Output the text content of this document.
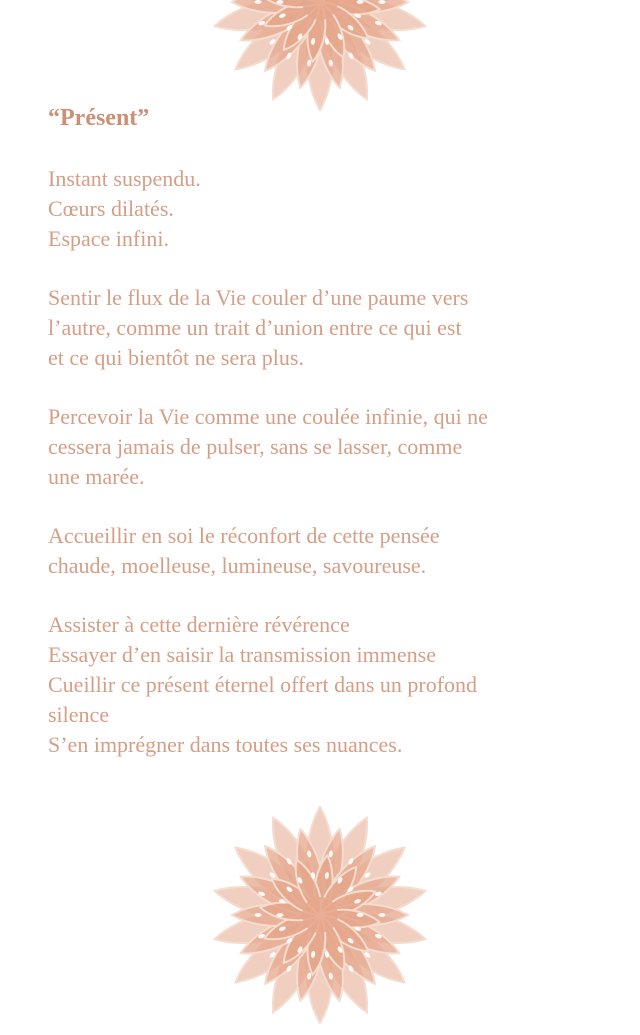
“Présent”
Instant suspendu.
Cœurs dilatés.
Espace infini.
Sentir le flux de la Vie couler d’une paume vers
l’autre, comme un trait d’union entre ce qui est
et ce qui bientôt ne sera plus.
Percevoir la Vie comme une coulée infinie, qui ne
cessera jamais de pulser, sans se lasser, comme
une marée.
Accueillir en soi le réconfort de cette pensée
chaude, moelleuse, lumineuse, savoureuse.
Assister à cette dernière révérence
Essayer d’en saisir la transmission immense
Cueillir ce présent éternel offert dans un profond
silence
S’en imprégner dans toutes ses nuances.
